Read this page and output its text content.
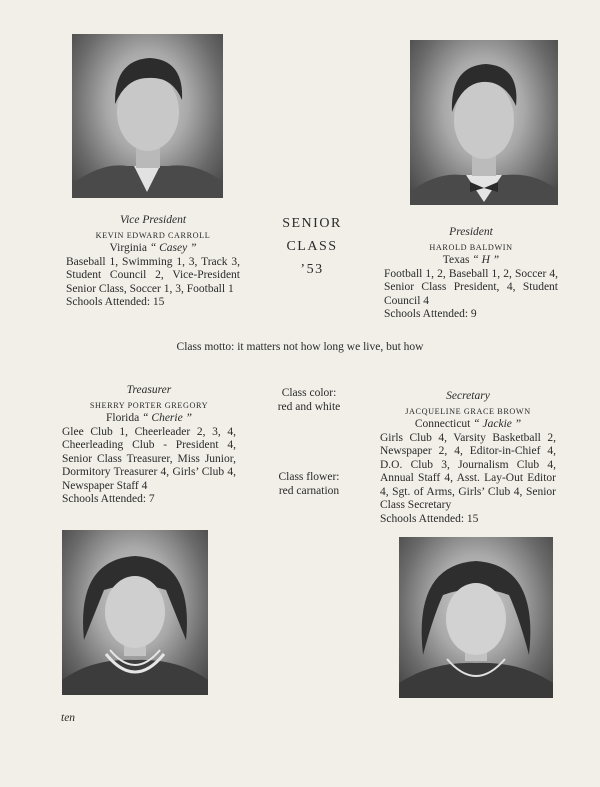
SENIOR
CLASS
’53
Vice President
KEVIN EDWARD CARROLL
Virginia “ Casey ”
Baseball 1, Swimming 1, 3, Track 3, Student Council 2, Vice-President Senior Class, Soccer 1, 3, Football 1
Schools Attended: 15
President
HAROLD BALDWIN
Texas “ H ”
Football 1, 2, Baseball 1, 2, Soccer 4, Senior Class President, 4, Student Council 4
Schools Attended: 9
Class motto: it matters not how long we live, but how
Treasurer
SHERRY PORTER GREGORY
Florida “ Cherie ”
Glee Club 1, Cheerleader 2, 3, 4, Cheerleading Club - President 4, Senior Class Treasurer, Miss Junior, Dormitory Treasurer 4, Girls’ Club 4, Newspaper Staff 4
Schools Attended: 7
Class color:
red and white
Class flower:
red carnation
Secretary
JACQUELINE GRACE BROWN
Connecticut “ Jackie ”
Girls Club 4, Varsity Basketball 2, Newspaper 2, 4, Editor-in-Chief 4, D.O. Club 3, Journalism Club 4, Annual Staff 4, Asst. Lay-Out Editor 4, Sgt. of Arms, Girls’ Club 4, Senior Class Secretary
Schools Attended: 15
ten
